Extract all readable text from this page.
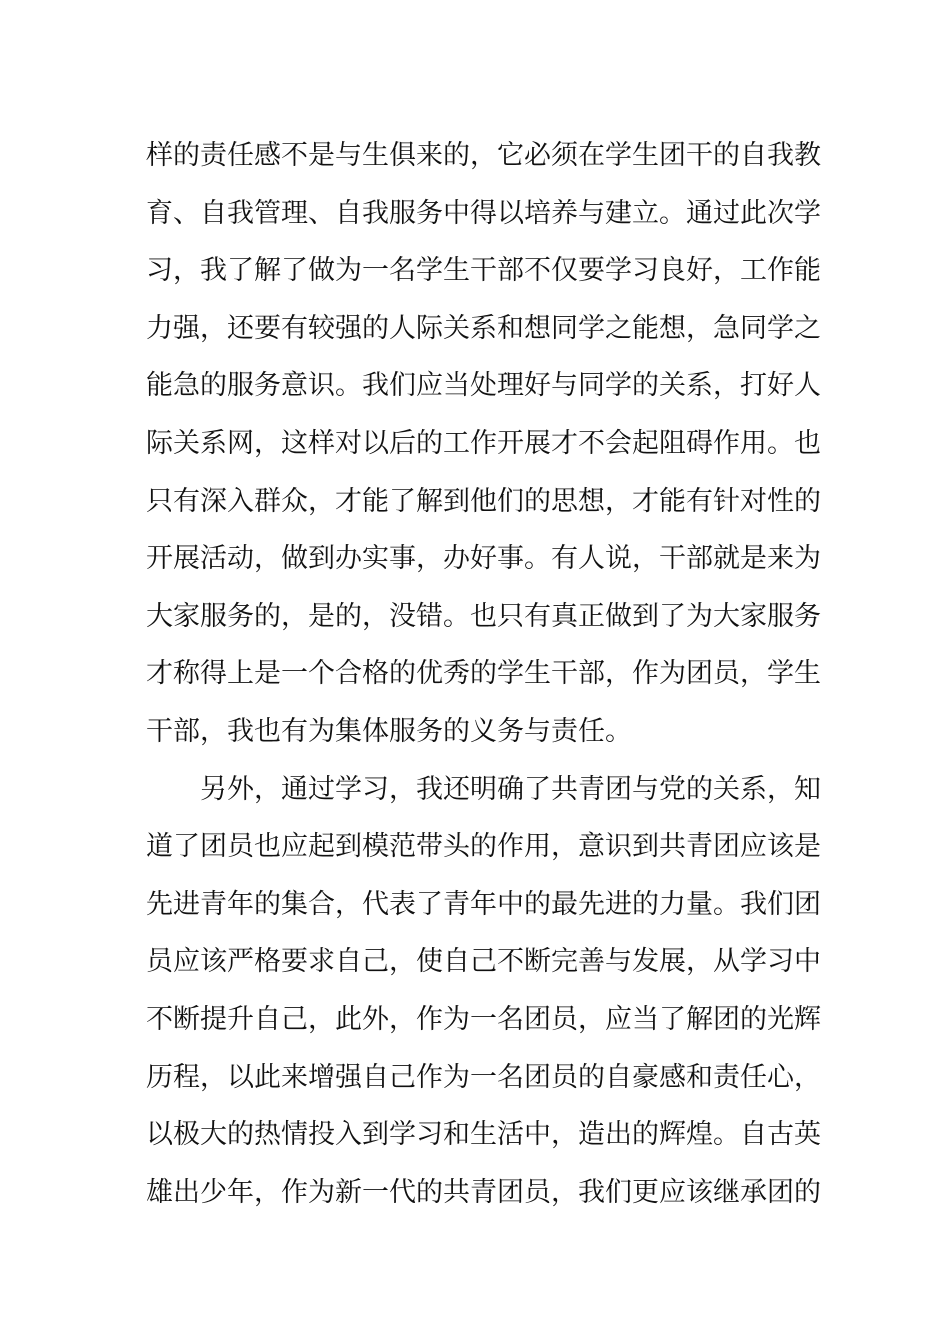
样的责任感不是与生俱来的，它必须在学生团干的自我教
育、自我管理、自我服务中得以培养与建立。通过此次学
习，我了解了做为一名学生干部不仅要学习良好，工作能
力强，还要有较强的人际关系和想同学之能想，急同学之
能急的服务意识。我们应当处理好与同学的关系，打好人
际关系网，这样对以后的工作开展才不会起阻碍作用。也
只有深入群众，才能了解到他们的思想，才能有针对性的
开展活动，做到办实事，办好事。有人说，干部就是来为
大家服务的，是的，没错。也只有真正做到了为大家服务
才称得上是一个合格的优秀的学生干部，作为团员，学生
干部，我也有为集体服务的义务与责任。
另外，通过学习，我还明确了共青团与党的关系，知
道了团员也应起到模范带头的作用，意识到共青团应该是
先进青年的集合，代表了青年中的最先进的力量。我们团
员应该严格要求自己，使自己不断完善与发展，从学习中
不断提升自己，此外，作为一名团员，应当了解团的光辉
历程，以此来增强自己作为一名团员的自豪感和责任心，
以极大的热情投入到学习和生活中，造出的辉煌。自古英
雄出少年，作为新一代的共青团员，我们更应该继承团的
